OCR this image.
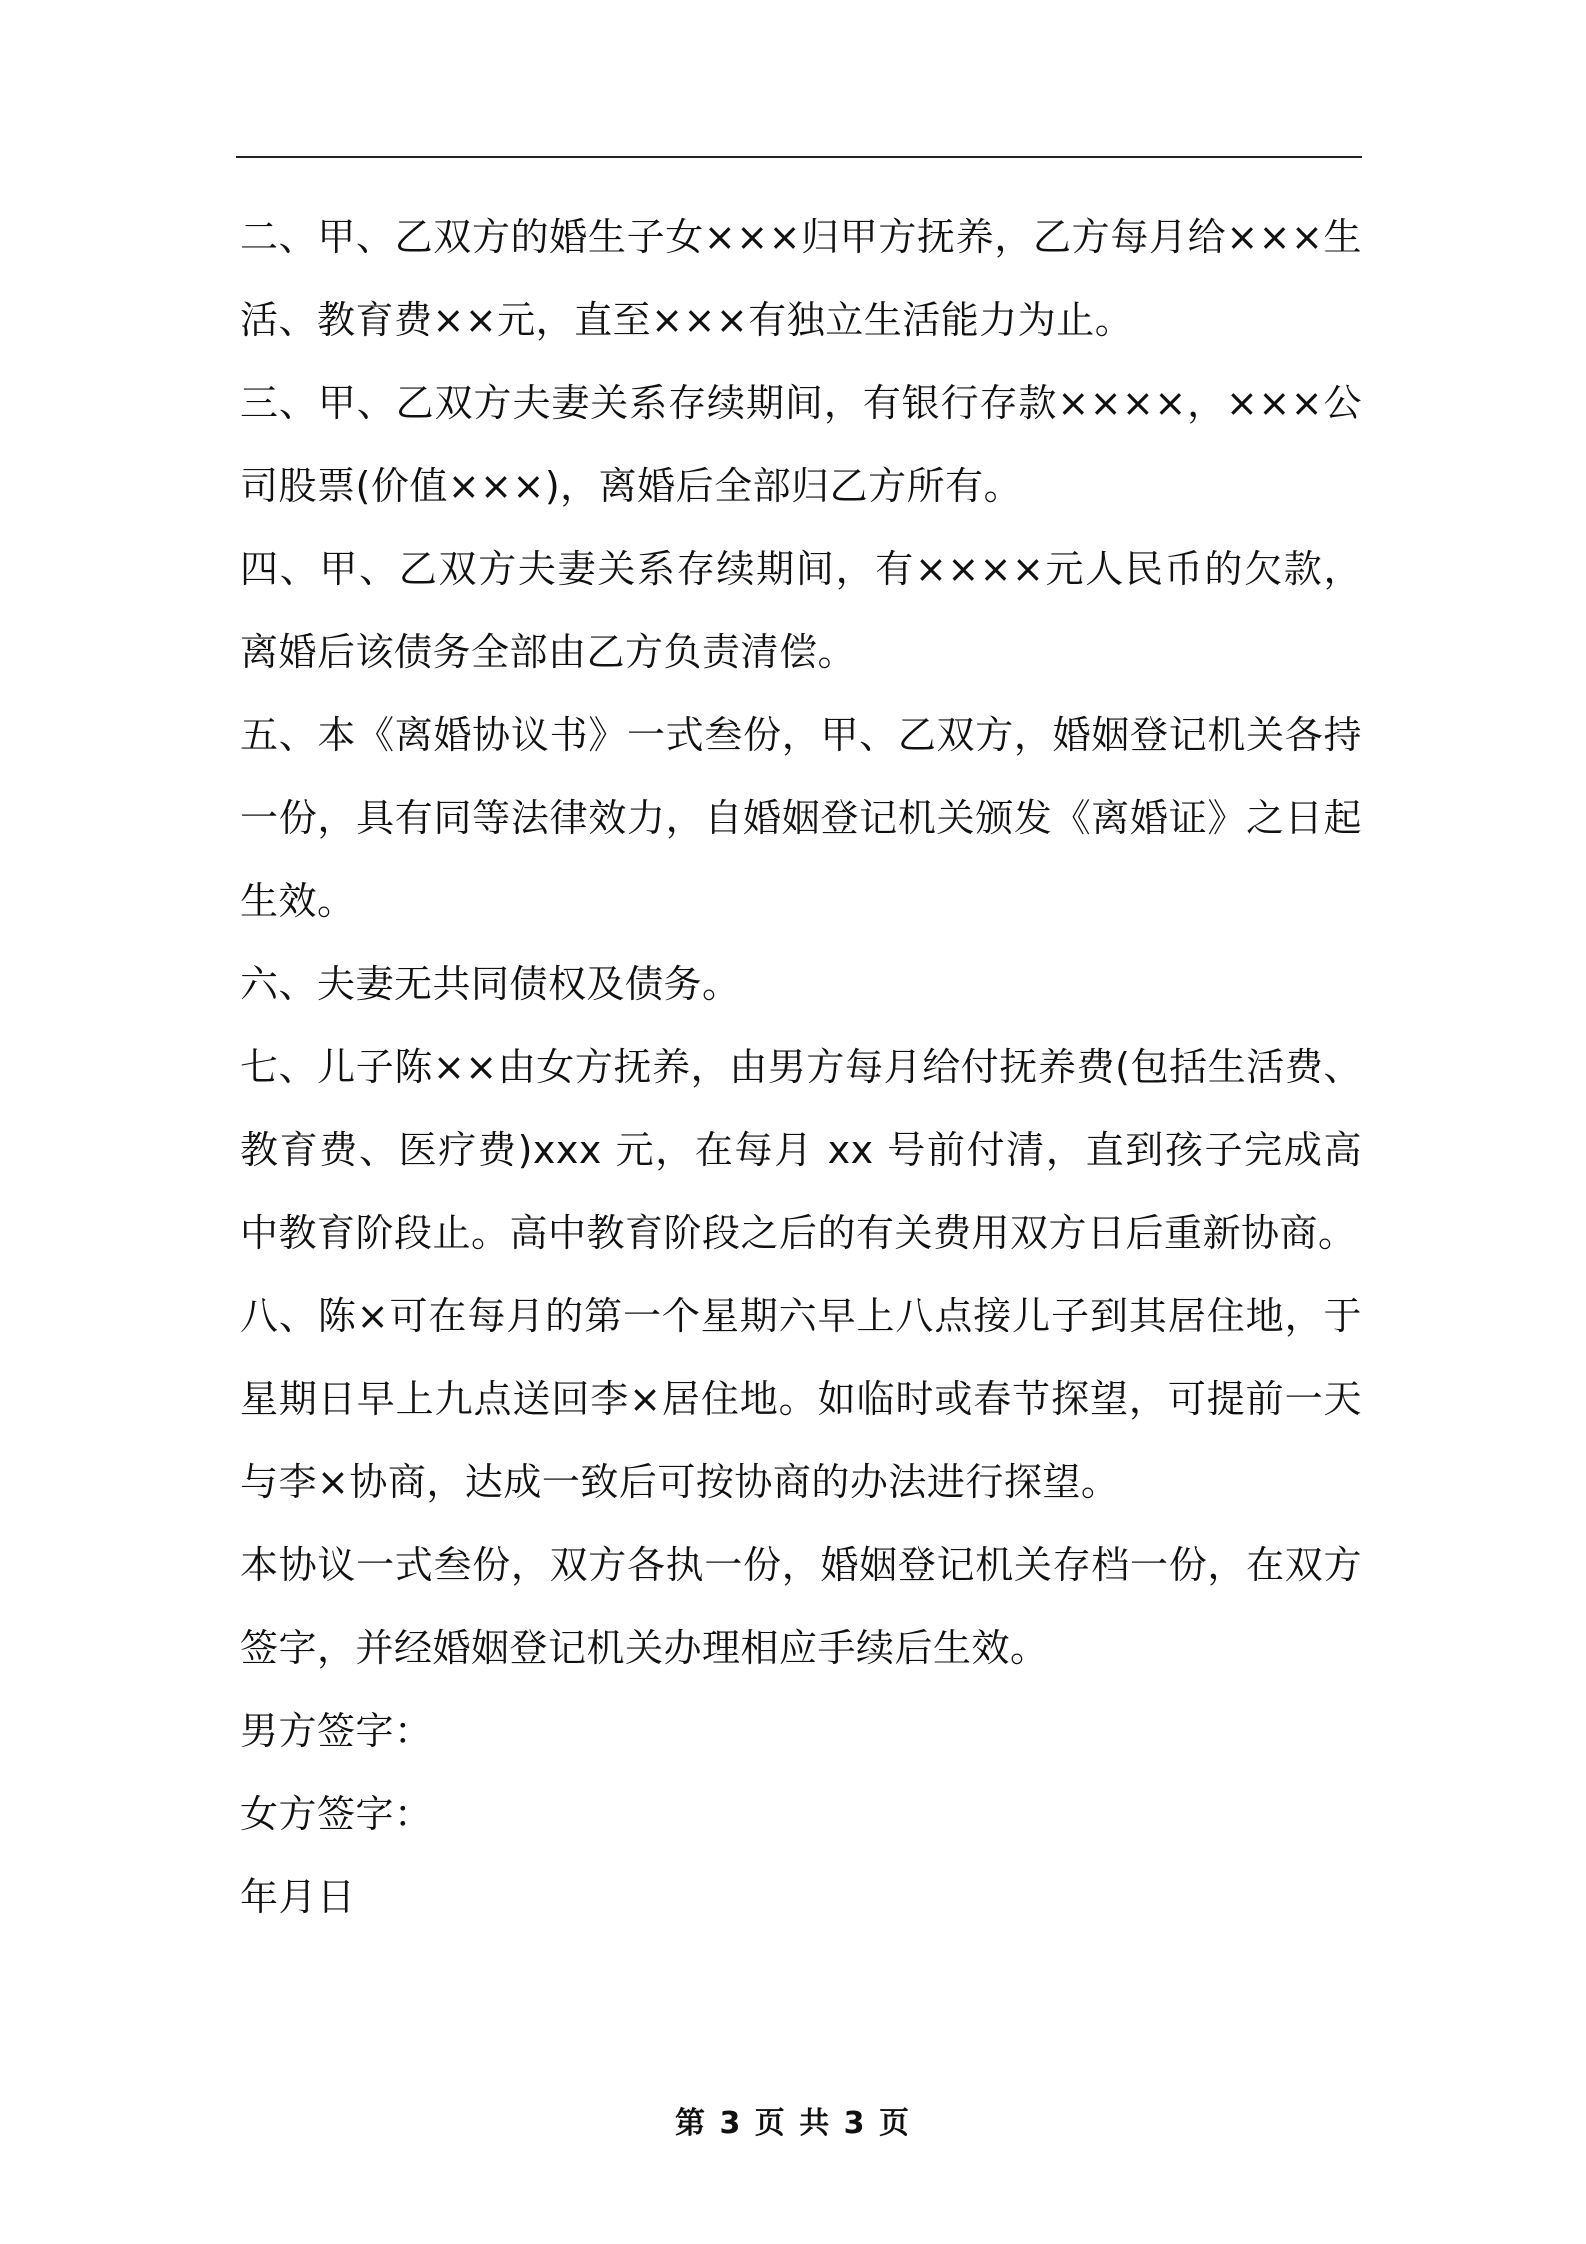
二、甲、乙双方的婚生子女×××归甲方抚养，乙方每月给×××生活、教育费××元，直至×××有独立生活能力为止。

三、甲、乙双方夫妻关系存续期间，有银行存款××××，×××公司股票(价值×××)，离婚后全部归乙方所有。

四、甲、乙双方夫妻关系存续期间，有××××元人民币的欠款，离婚后该债务全部由乙方负责清偿。

五、本《离婚协议书》一式叁份，甲、乙双方，婚姻登记机关各持一份，具有同等法律效力，自婚姻登记机关颁发《离婚证》之日起生效。

六、夫妻无共同债权及债务。

七、儿子陈××由女方抚养，由男方每月给付抚养费(包括生活费、教育费、医疗费)xxx 元，在每月 xx 号前付清，直到孩子完成高中教育阶段止。高中教育阶段之后的有关费用双方日后重新协商。

八、陈×可在每月的第一个星期六早上八点接儿子到其居住地，于星期日早上九点送回李×居住地。如临时或春节探望，可提前一天与李×协商，达成一致后可按协商的办法进行探望。

本协议一式叁份，双方各执一份，婚姻登记机关存档一份，在双方签字，并经婚姻登记机关办理相应手续后生效。

男方签字：

女方签字：

年月日

第 3 页 共 3 页
